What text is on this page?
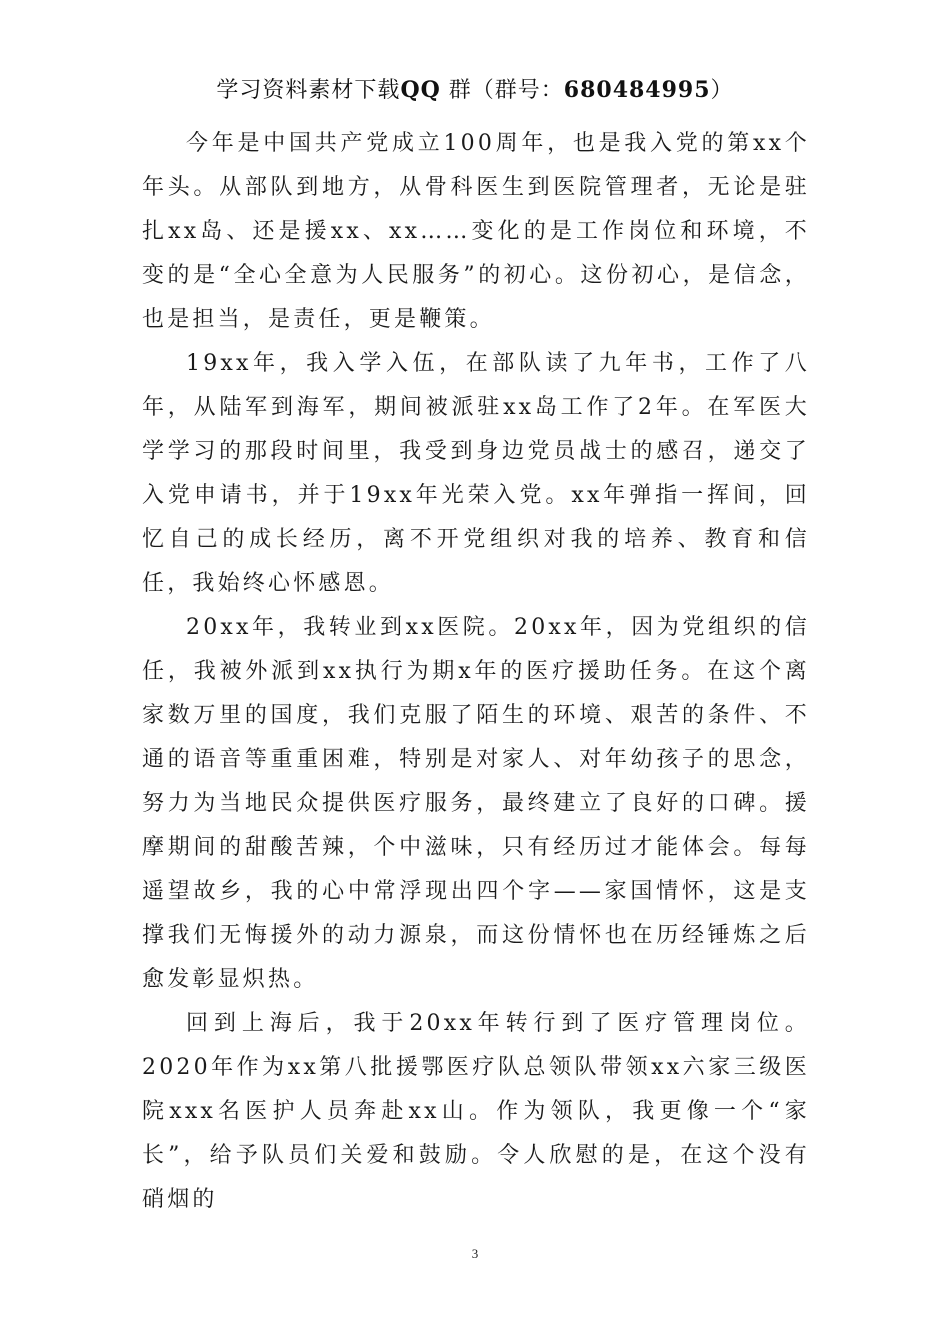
学习资料素材下载QQ 群（群号：680484995）

今年是中国共产党成立100周年，也是我入党的第xx个年头。从部队到地方，从骨科医生到医院管理者，无论是驻扎xx岛、还是援xx、xx……变化的是工作岗位和环境，不变的是“全心全意为人民服务”的初心。这份初心，是信念，也是担当，是责任，更是鞭策。

19xx年，我入学入伍，在部队读了九年书，工作了八年，从陆军到海军，期间被派驻xx岛工作了2年。在军医大学学习的那段时间里，我受到身边党员战士的感召，递交了入党申请书，并于19xx年光荣入党。xx年弹指一挥间，回忆自己的成长经历，离不开党组织对我的培养、教育和信任，我始终心怀感恩。

20xx年，我转业到xx医院。20xx年，因为党组织的信任，我被外派到xx执行为期x年的医疗援助任务。在这个离家数万里的国度，我们克服了陌生的环境、艰苦的条件、不通的语音等重重困难，特别是对家人、对年幼孩子的思念，努力为当地民众提供医疗服务，最终建立了良好的口碑。援摩期间的甜酸苦辣，个中滋味，只有经历过才能体会。每每遥望故乡，我的心中常浮现出四个字——家国情怀，这是支撑我们无悔援外的动力源泉，而这份情怀也在历经锤炼之后愈发彰显炽热。

回到上海后，我于20xx年转行到了医疗管理岗位。2020年作为xx第八批援鄂医疗队总领队带领xx六家三级医院xxx名医护人员奔赴xx山。作为领队，我更像一个“家长”，给予队员们关爱和鼓励。令人欣慰的是，在这个没有硝烟的

3
